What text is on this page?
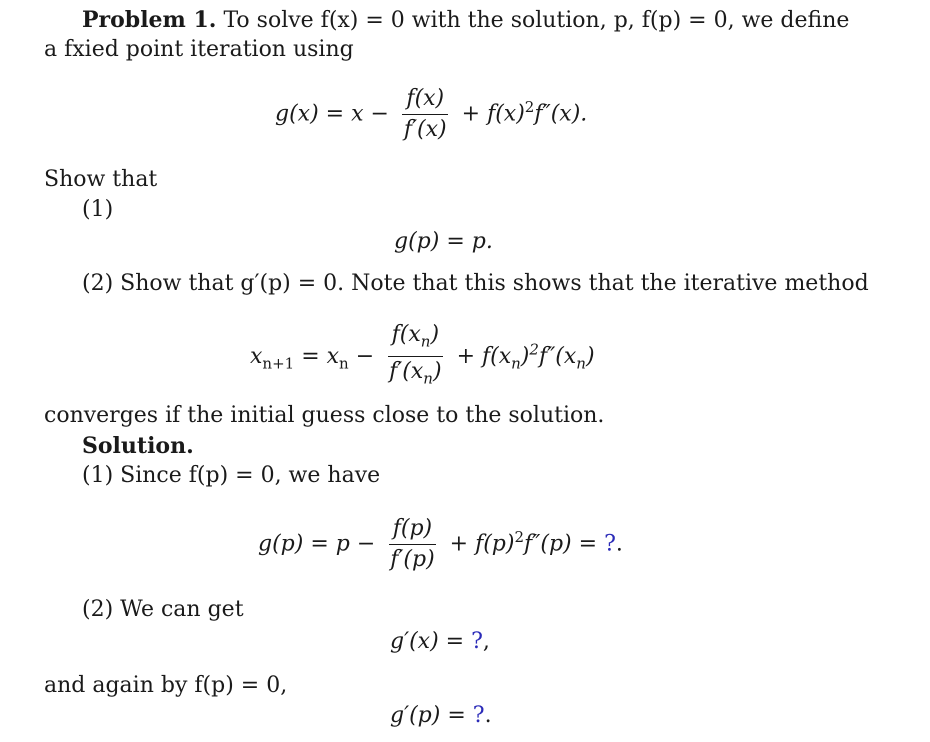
Problem 1. To solve f(x) = 0 with the solution, p, f(p) = 0, we define
a fxied point iteration using
$g(x) = x - \frac{f(x)}{f'(x)} + f(x)^2f''(x)$.
Show that
(1)
g(p) = p.
(2) Show that g′(p) = 0. Note that this shows that the iterative method
$x_{n+1} = x_n - \frac{f(x_n)}{f'(x_n)} + f(x_n)^2f''(x_n)$
converges if the initial guess close to the solution.
Solution.
(1) Since f(p) = 0, we have
$g(p) = p - \frac{f(p)}{f'(p)} + f(p)^2f''(p)$ = ?.
(2) We can get
g′(x) = ?,
and again by f(p) = 0,
g′(p) = ?.
